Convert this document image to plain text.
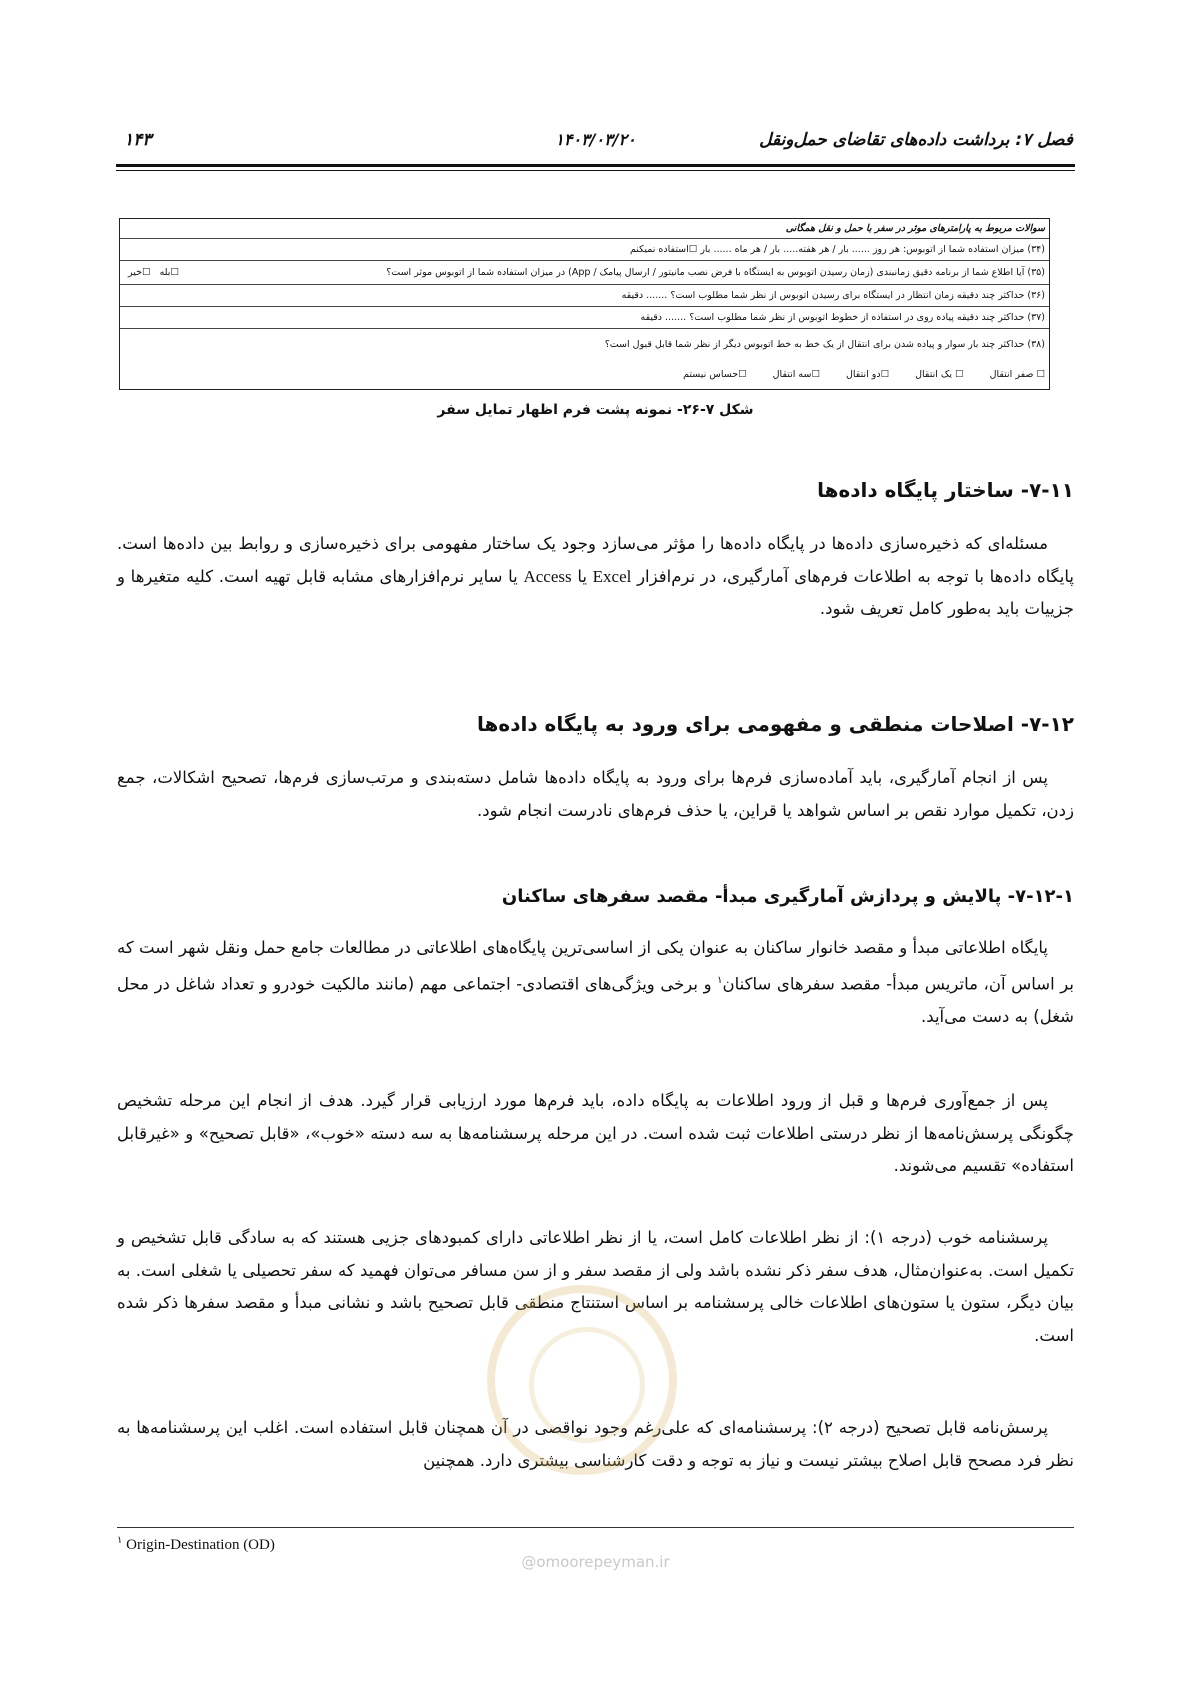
فصل ۷: برداشت داده‌های تقاضای حمل‌ونقل
۱۴۰۳/۰۳/۲۰
۱۴۳
سوالات مربوط به پارامترهای موثر در سفر با حمل و نقل همگانی
(۳۴) میزان استفاده شما از اتوبوس: هر روز ...... بار / هر هفته..... بار / هر ماه ...... بار ☐استفاده نمیکنم
(۳۵) آیا اطلاع شما از برنامه دقیق زمانبندی (زمان رسیدن اتوبوس به ایستگاه با فرض نصب مانیتور / ارسال پیامک / App) در میزان استفاده شما از اتوبوس موثر است؟
☐بله   ☐خیر
(۳۶) حداکثر چند دقیقه زمان انتظار در ایستگاه برای رسیدن اتوبوس از نظر شما مطلوب است؟ ....... دقیقه
(۳۷) حداکثر چند دقیقه پیاده روی در استفاده از خطوط اتوبوس از نظر شما مطلوب است؟ ....... دقیقه
(۳۸) حداکثر چند بار سوار و پیاده شدن برای انتقال از یک خط به خط اتوبوس دیگر از نظر شما قابل قبول است؟
☐ صفر انتقال
☐ یک انتقال
☐دو انتقال
☐سه انتقال
☐حساس نیستم
شکل ۷-۲۶- نمونه پشت فرم اظهار تمایل سفر
۷-۱۱- ساختار پایگاه داده‌ها
مسئله‌ای که ذخیره‌سازی داده‌ها در پایگاه داده‌ها را مؤثر می‌سازد وجود یک ساختار مفهومی برای ذخیره‌سازی و روابط بین داده‌ها است. پایگاه داده‌ها با توجه به اطلاعات فرم‌های آمارگیری، در نرم‌افزار Excel یا Access یا سایر نرم‌افزارهای مشابه قابل تهیه است. کلیه متغیرها و جزییات باید به‌طور کامل تعریف شود.
۷-۱۲- اصلاحات منطقی و مفهومی برای ورود به پایگاه داده‌ها
پس از انجام آمارگیری، باید آماده‌سازی فرم‌ها برای ورود به پایگاه داده‌ها شامل دسته‌بندی و مرتب‌سازی فرم‌ها، تصحیح اشکالات، جمع زدن، تکمیل موارد نقص بر اساس شواهد یا قراین، یا حذف فرم‌های نادرست انجام شود.
۷-۱۲-۱- پالایش و پردازش آمارگیری مبدأ- مقصد سفرهای ساکنان
پایگاه اطلاعاتی مبدأ و مقصد خانوار ساکنان به عنوان یکی از اساسی‌ترین پایگاه‌های اطلاعاتی در مطالعات جامع حمل ونقل شهر است که بر اساس آن، ماتریس مبدأ- مقصد سفرهای ساکنان$^۱$ و برخی ویژگی‌های اقتصادی- اجتماعی مهم (مانند مالکیت خودرو و تعداد شاغل در محل شغل) به دست می‌آید.
پس از جمع‌آوری فرم‌ها و قبل از ورود اطلاعات به پایگاه داده، باید فرم‌ها مورد ارزیابی قرار گیرد. هدف از انجام این مرحله تشخیص چگونگی پرسش‌نامه‌ها از نظر درستی اطلاعات ثبت شده است. در این مرحله پرسشنامه‌ها به سه دسته «خوب»، «قابل تصحیح» و «غیرقابل استفاده» تقسیم می‌شوند.
پرسشنامه خوب (درجه ۱): از نظر اطلاعات کامل است، یا از نظر اطلاعاتی دارای کمبودهای جزیی هستند که به سادگی قابل تشخیص و تکمیل است. به‌عنوان‌مثال، هدف سفر ذکر نشده باشد ولی از مقصد سفر و از سن مسافر می‌توان فهمید که سفر تحصیلی یا شغلی است. به بیان دیگر، ستون یا ستون‌های اطلاعات خالی پرسشنامه بر اساس استنتاج منطقی قابل تصحیح باشد و نشانی مبدأ و مقصد سفرها ذکر شده است.
پرسش‌نامه قابل تصحیح (درجه ۲): پرسشنامه‌ای که علی‌رغم وجود نواقصی در آن همچنان قابل استفاده است. اغلب این پرسشنامه‌ها به نظر فرد مصحح قابل اصلاح بیشتر نیست و نیاز به توجه و دقت کارشناسی بیشتری دارد. همچنین
$^۱$ Origin-Destination (OD)
@omoorepeyman.ir
